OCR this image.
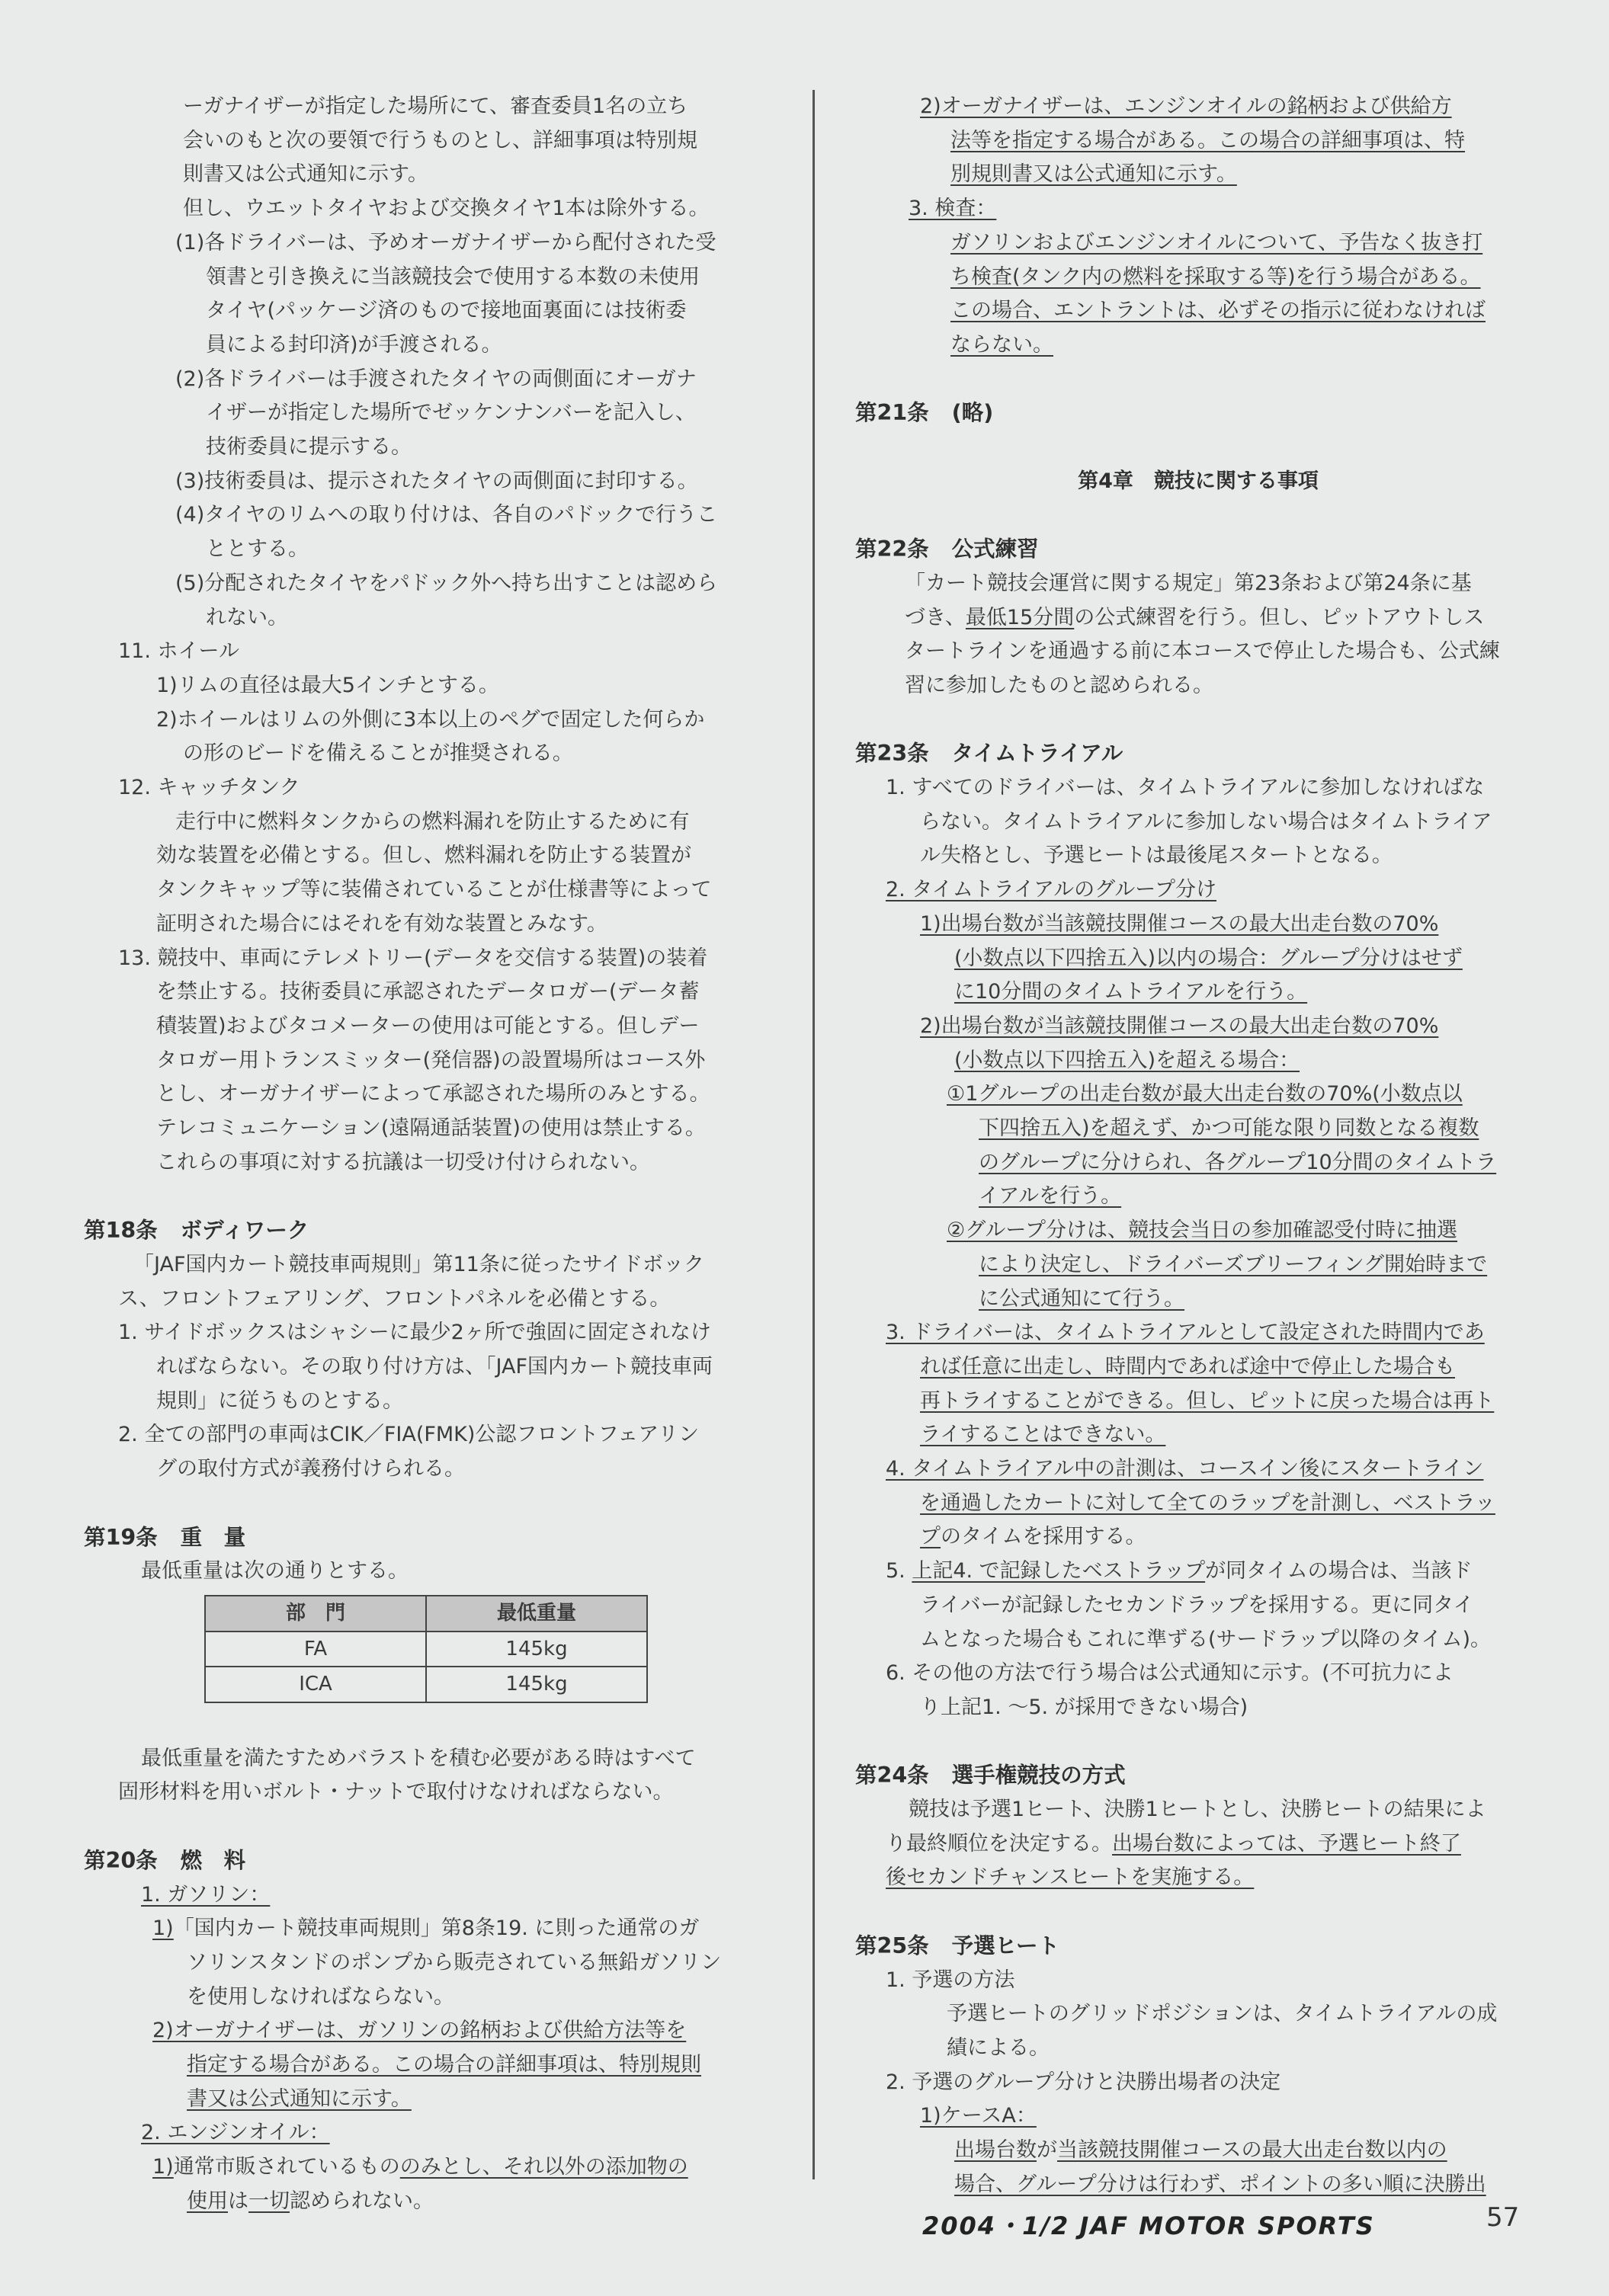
ーガナイザーが指定した場所にて、審査委員1名の立ち
会いのもと次の要領で行うものとし、詳細事項は特別規
則書又は公式通知に示す。
但し、ウエットタイヤおよび交換タイヤ1本は除外する。
(1)各ドライバーは、予めオーガナイザーから配付された受
領書と引き換えに当該競技会で使用する本数の未使用
タイヤ(パッケージ済のもので接地面裏面には技術委
員による封印済)が手渡される。
(2)各ドライバーは手渡されたタイヤの両側面にオーガナ
イザーが指定した場所でゼッケンナンバーを記入し、
技術委員に提示する。
(3)技術委員は、提示されたタイヤの両側面に封印する。
(4)タイヤのリムへの取り付けは、各自のパドックで行うこ
ととする。
(5)分配されたタイヤをパドック外へ持ち出すことは認めら
れない。
11. ホイール
1)リムの直径は最大5インチとする。
2)ホイールはリムの外側に3本以上のペグで固定した何らか
の形のビードを備えることが推奨される。
12. キャッチタンク
走行中に燃料タンクからの燃料漏れを防止するために有
効な装置を必備とする。但し、燃料漏れを防止する装置が
タンクキャップ等に装備されていることが仕様書等によって
証明された場合にはそれを有効な装置とみなす。
13. 競技中、車両にテレメトリー(データを交信する装置)の装着
を禁止する。技術委員に承認されたデータロガー(データ蓄
積装置)およびタコメーターの使用は可能とする。但しデー
タロガー用トランスミッター(発信器)の設置場所はコース外
とし、オーガナイザーによって承認された場所のみとする。
テレコミュニケーション(遠隔通話装置)の使用は禁止する。
これらの事項に対する抗議は一切受け付けられない。
第18条 ボディワーク
「JAF国内カート競技車両規則」第11条に従ったサイドボック
ス、フロントフェアリング、フロントパネルを必備とする。
1. サイドボックスはシャシーに最少2ヶ所で強固に固定されなけ
ればならない。その取り付け方は、「JAF国内カート競技車両
規則」に従うものとする。
2. 全ての部門の車両はCIK／FIA(FMK)公認フロントフェアリン
グの取付方式が義務付けられる。
第19条 重　量
最低重量は次の通りとする。
部　門	最低重量
FA	145kg
ICA	145kg
最低重量を満たすためバラストを積む必要がある時はすべて
固形材料を用いボルト・ナットで取付けなければならない。
第20条 燃　料
1. ガソリン：
1)「国内カート競技車両規則」第8条19. に則った通常のガ
ソリンスタンドのポンプから販売されている無鉛ガソリン
を使用しなければならない。
2)オーガナイザーは、ガソリンの銘柄および供給方法等を
指定する場合がある。この場合の詳細事項は、特別規則
書又は公式通知に示す。
2. エンジンオイル：
1)通常市販されているもののみとし、それ以外の添加物の
使用は一切認められない。
2)オーガナイザーは、エンジンオイルの銘柄および供給方
法等を指定する場合がある。この場合の詳細事項は、特
別規則書又は公式通知に示す。
3. 検査：
ガソリンおよびエンジンオイルについて、予告なく抜き打
ち検査(タンク内の燃料を採取する等)を行う場合がある。
この場合、エントラントは、必ずその指示に従わなければ
ならない。
第21条 (略)
第4章　競技に関する事項
第22条 公式練習
「カート競技会運営に関する規定」第23条および第24条に基
づき、最低15分間の公式練習を行う。但し、ピットアウトしス
タートラインを通過する前に本コースで停止した場合も、公式練
習に参加したものと認められる。
第23条 タイムトライアル
1. すべてのドライバーは、タイムトライアルに参加しなければな
らない。タイムトライアルに参加しない場合はタイムトライア
ル失格とし、予選ヒートは最後尾スタートとなる。
2. タイムトライアルのグループ分け
1)出場台数が当該競技開催コースの最大出走台数の70%
(小数点以下四捨五入)以内の場合：グループ分けはせず
に10分間のタイムトライアルを行う。
2)出場台数が当該競技開催コースの最大出走台数の70%
(小数点以下四捨五入)を超える場合：
①1グループの出走台数が最大出走台数の70%(小数点以
下四捨五入)を超えず、かつ可能な限り同数となる複数
のグループに分けられ、各グループ10分間のタイムトラ
イアルを行う。
②グループ分けは、競技会当日の参加確認受付時に抽選
により決定し、ドライバーズブリーフィング開始時まで
に公式通知にて行う。
3. ドライバーは、タイムトライアルとして設定された時間内であ
れば任意に出走し、時間内であれば途中で停止した場合も
再トライすることができる。但し、ピットに戻った場合は再ト
ライすることはできない。
4. タイムトライアル中の計測は、コースイン後にスタートライン
を通過したカートに対して全てのラップを計測し、ベストラッ
プのタイムを採用する。
5. 上記4. で記録したベストラップが同タイムの場合は、当該ド
ライバーが記録したセカンドラップを採用する。更に同タイ
ムとなった場合もこれに準ずる(サードラップ以降のタイム)。
6. その他の方法で行う場合は公式通知に示す。(不可抗力によ
り上記1. ～5. が採用できない場合)
第24条 選手権競技の方式
競技は予選1ヒート、決勝1ヒートとし、決勝ヒートの結果によ
り最終順位を決定する。出場台数によっては、予選ヒート終了
後セカンドチャンスヒートを実施する。
第25条 予選ヒート
1. 予選の方法
予選ヒートのグリッドポジションは、タイムトライアルの成
績による。
2. 予選のグループ分けと決勝出場者の決定
1)ケースA：
出場台数が当該競技開催コースの最大出走台数以内の
場合、グループ分けは行わず、ポイントの多い順に決勝出
2004・1/2 JAF MOTOR SPORTS	57
